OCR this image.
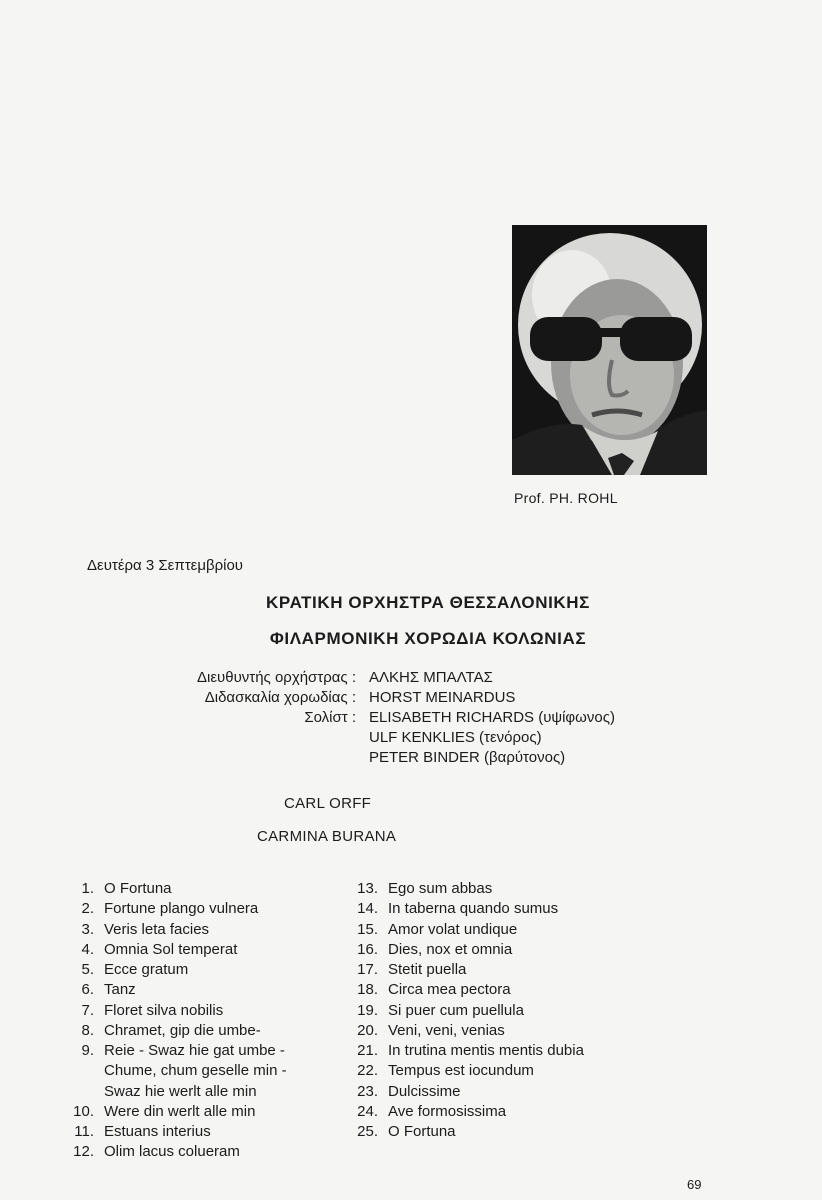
Prof. PH. ROHL
Δευτέρα 3 Σεπτεμβρίου
ΚΡΑΤΙΚΗ ΟΡΧΗΣΤΡΑ ΘΕΣΣΑΛΟΝΙΚΗΣ
ΦΙΛΑΡΜΟΝΙΚΗ ΧΟΡΩΔΙΑ ΚΟΛΩΝΙΑΣ
Διευθυντής ορχήστρας :
Διδασκαλία χορωδίας :
Σολίστ :
ΑΛΚΗΣ ΜΠΑΛΤΑΣ
HORST MEINARDUS
ELISABETH RICHARDS (υψίφωνος)
ULF KENKLIES (τενόρος)
PETER BINDER (βαρύτονος)
CARL ORFF
CARMINA BURANA
1. O Fortuna
2. Fortune plango vulnera
3. Veris leta facies
4. Omnia Sol temperat
5. Ecce gratum
6. Tanz
7. Floret silva nobilis
8. Chramet, gip die umbe-
9. Reie - Swaz hie gat umbe -
Chume, chum geselle min -
Swaz hie werlt alle min
10. Were din werlt alle min
11. Estuans interius
12. Olim lacus colueram
13. Ego sum abbas
14. In taberna quando sumus
15. Amor volat undique
16. Dies, nox et omnia
17. Stetit puella
18. Circa mea pectora
19. Si puer cum puellula
20. Veni, veni, venias
21. In trutina mentis mentis dubia
22. Tempus est iocundum
23. Dulcissime
24. Ave formosissima
25. O Fortuna
69
